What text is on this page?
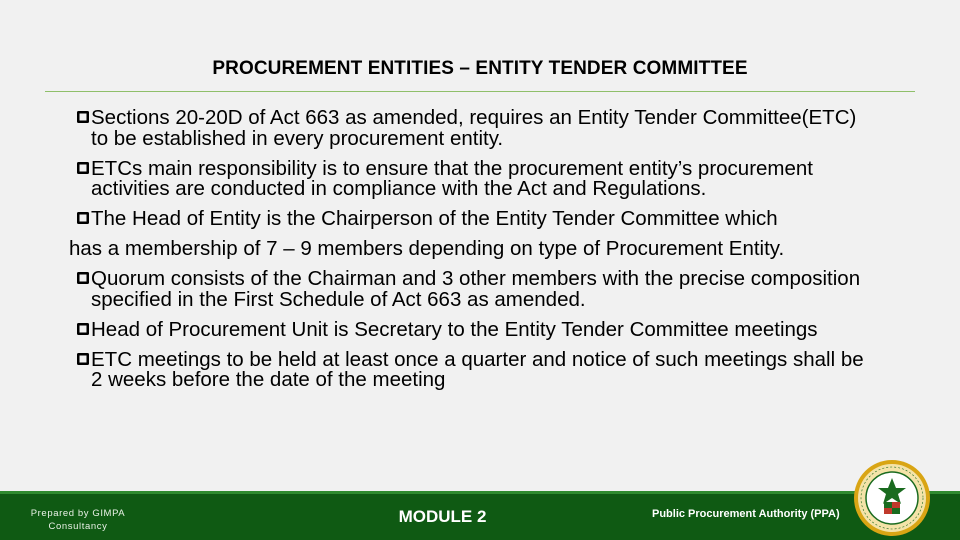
PROCUREMENT ENTITIES – ENTITY TENDER COMMITTEE
Sections 20-20D of Act 663 as amended, requires an Entity Tender Committee(ETC) to be established in every procurement entity.
ETCs main responsibility is to ensure that the procurement entity’s procurement activities are conducted in compliance with the Act and Regulations.
The Head of Entity is the Chairperson of the Entity Tender Committee which
has a membership of 7 – 9 members depending on type of Procurement Entity.
Quorum consists of the Chairman and 3 other members with the precise composition specified in the First Schedule of Act 663 as amended.
Head of Procurement Unit is Secretary to the Entity Tender Committee meetings
ETC meetings to be held at least once a quarter and notice of such meetings shall be 2 weeks before the date of the meeting
Prepared by GIMPA
Consultancy
MODULE 2	Public Procurement Authority (PPA)
